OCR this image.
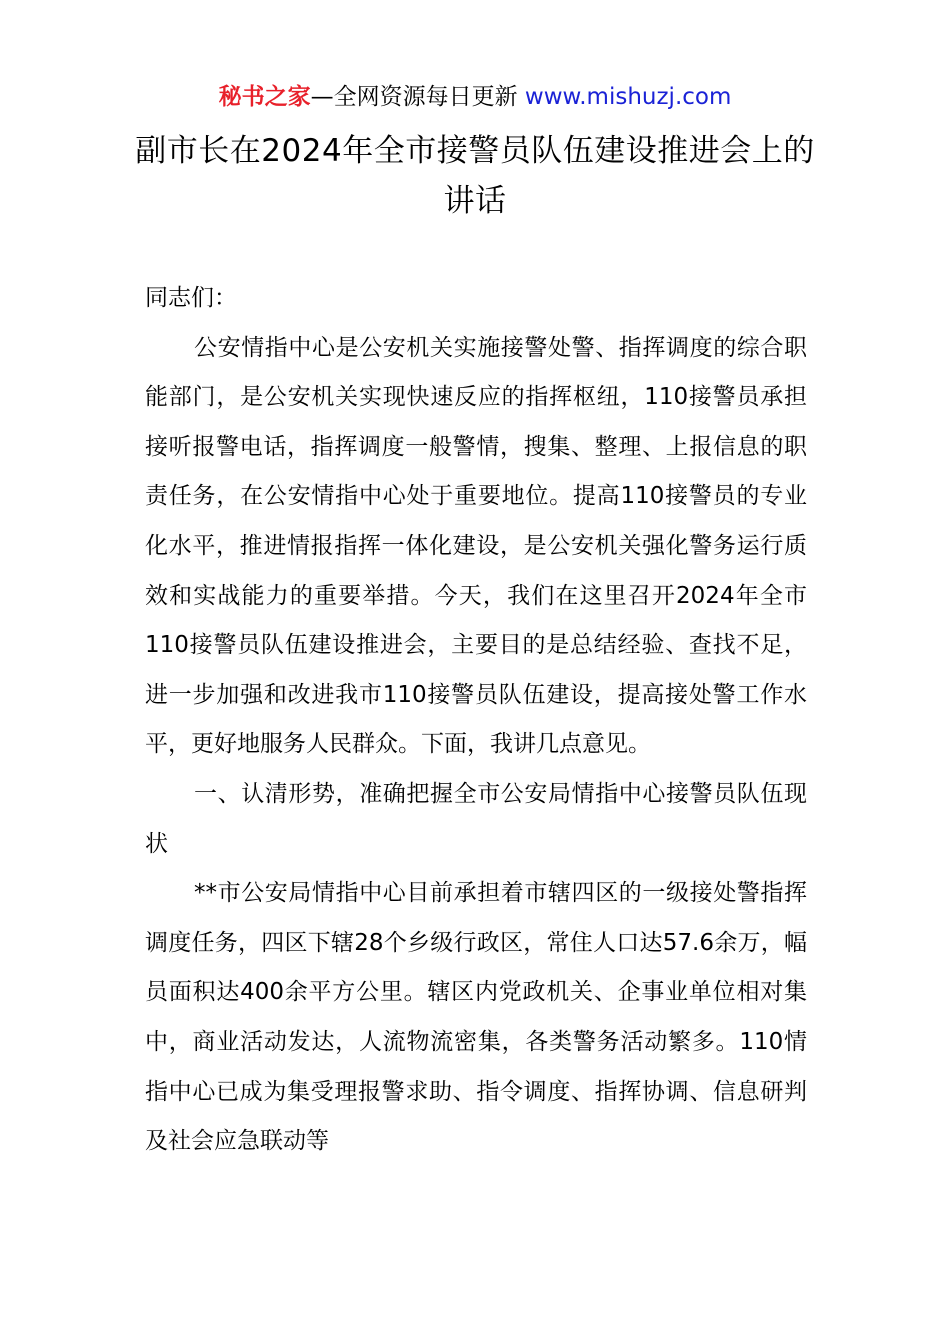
秘书之家—全网资源每日更新 www.mishuzj.com
副市长在2024年全市接警员队伍建设推进会上的讲话

同志们：

公安情指中心是公安机关实施接警处警、指挥调度的综合职能部门，是公安机关实现快速反应的指挥枢纽，110接警员承担接听报警电话，指挥调度一般警情，搜集、整理、上报信息的职责任务，在公安情指中心处于重要地位。提高110接警员的专业化水平，推进情报指挥一体化建设，是公安机关强化警务运行质效和实战能力的重要举措。今天，我们在这里召开2024年全市110接警员队伍建设推进会，主要目的是总结经验、查找不足，进一步加强和改进我市110接警员队伍建设，提高接处警工作水平，更好地服务人民群众。下面，我讲几点意见。

一、认清形势，准确把握全市公安局情指中心接警员队伍现状

**市公安局情指中心目前承担着市辖四区的一级接处警指挥调度任务，四区下辖28个乡级行政区，常住人口达57.6余万，幅员面积达400余平方公里。辖区内党政机关、企事业单位相对集中，商业活动发达，人流物流密集，各类警务活动繁多。110情指中心已成为集受理报警求助、指令调度、指挥协调、信息研判及社会应急联动等
